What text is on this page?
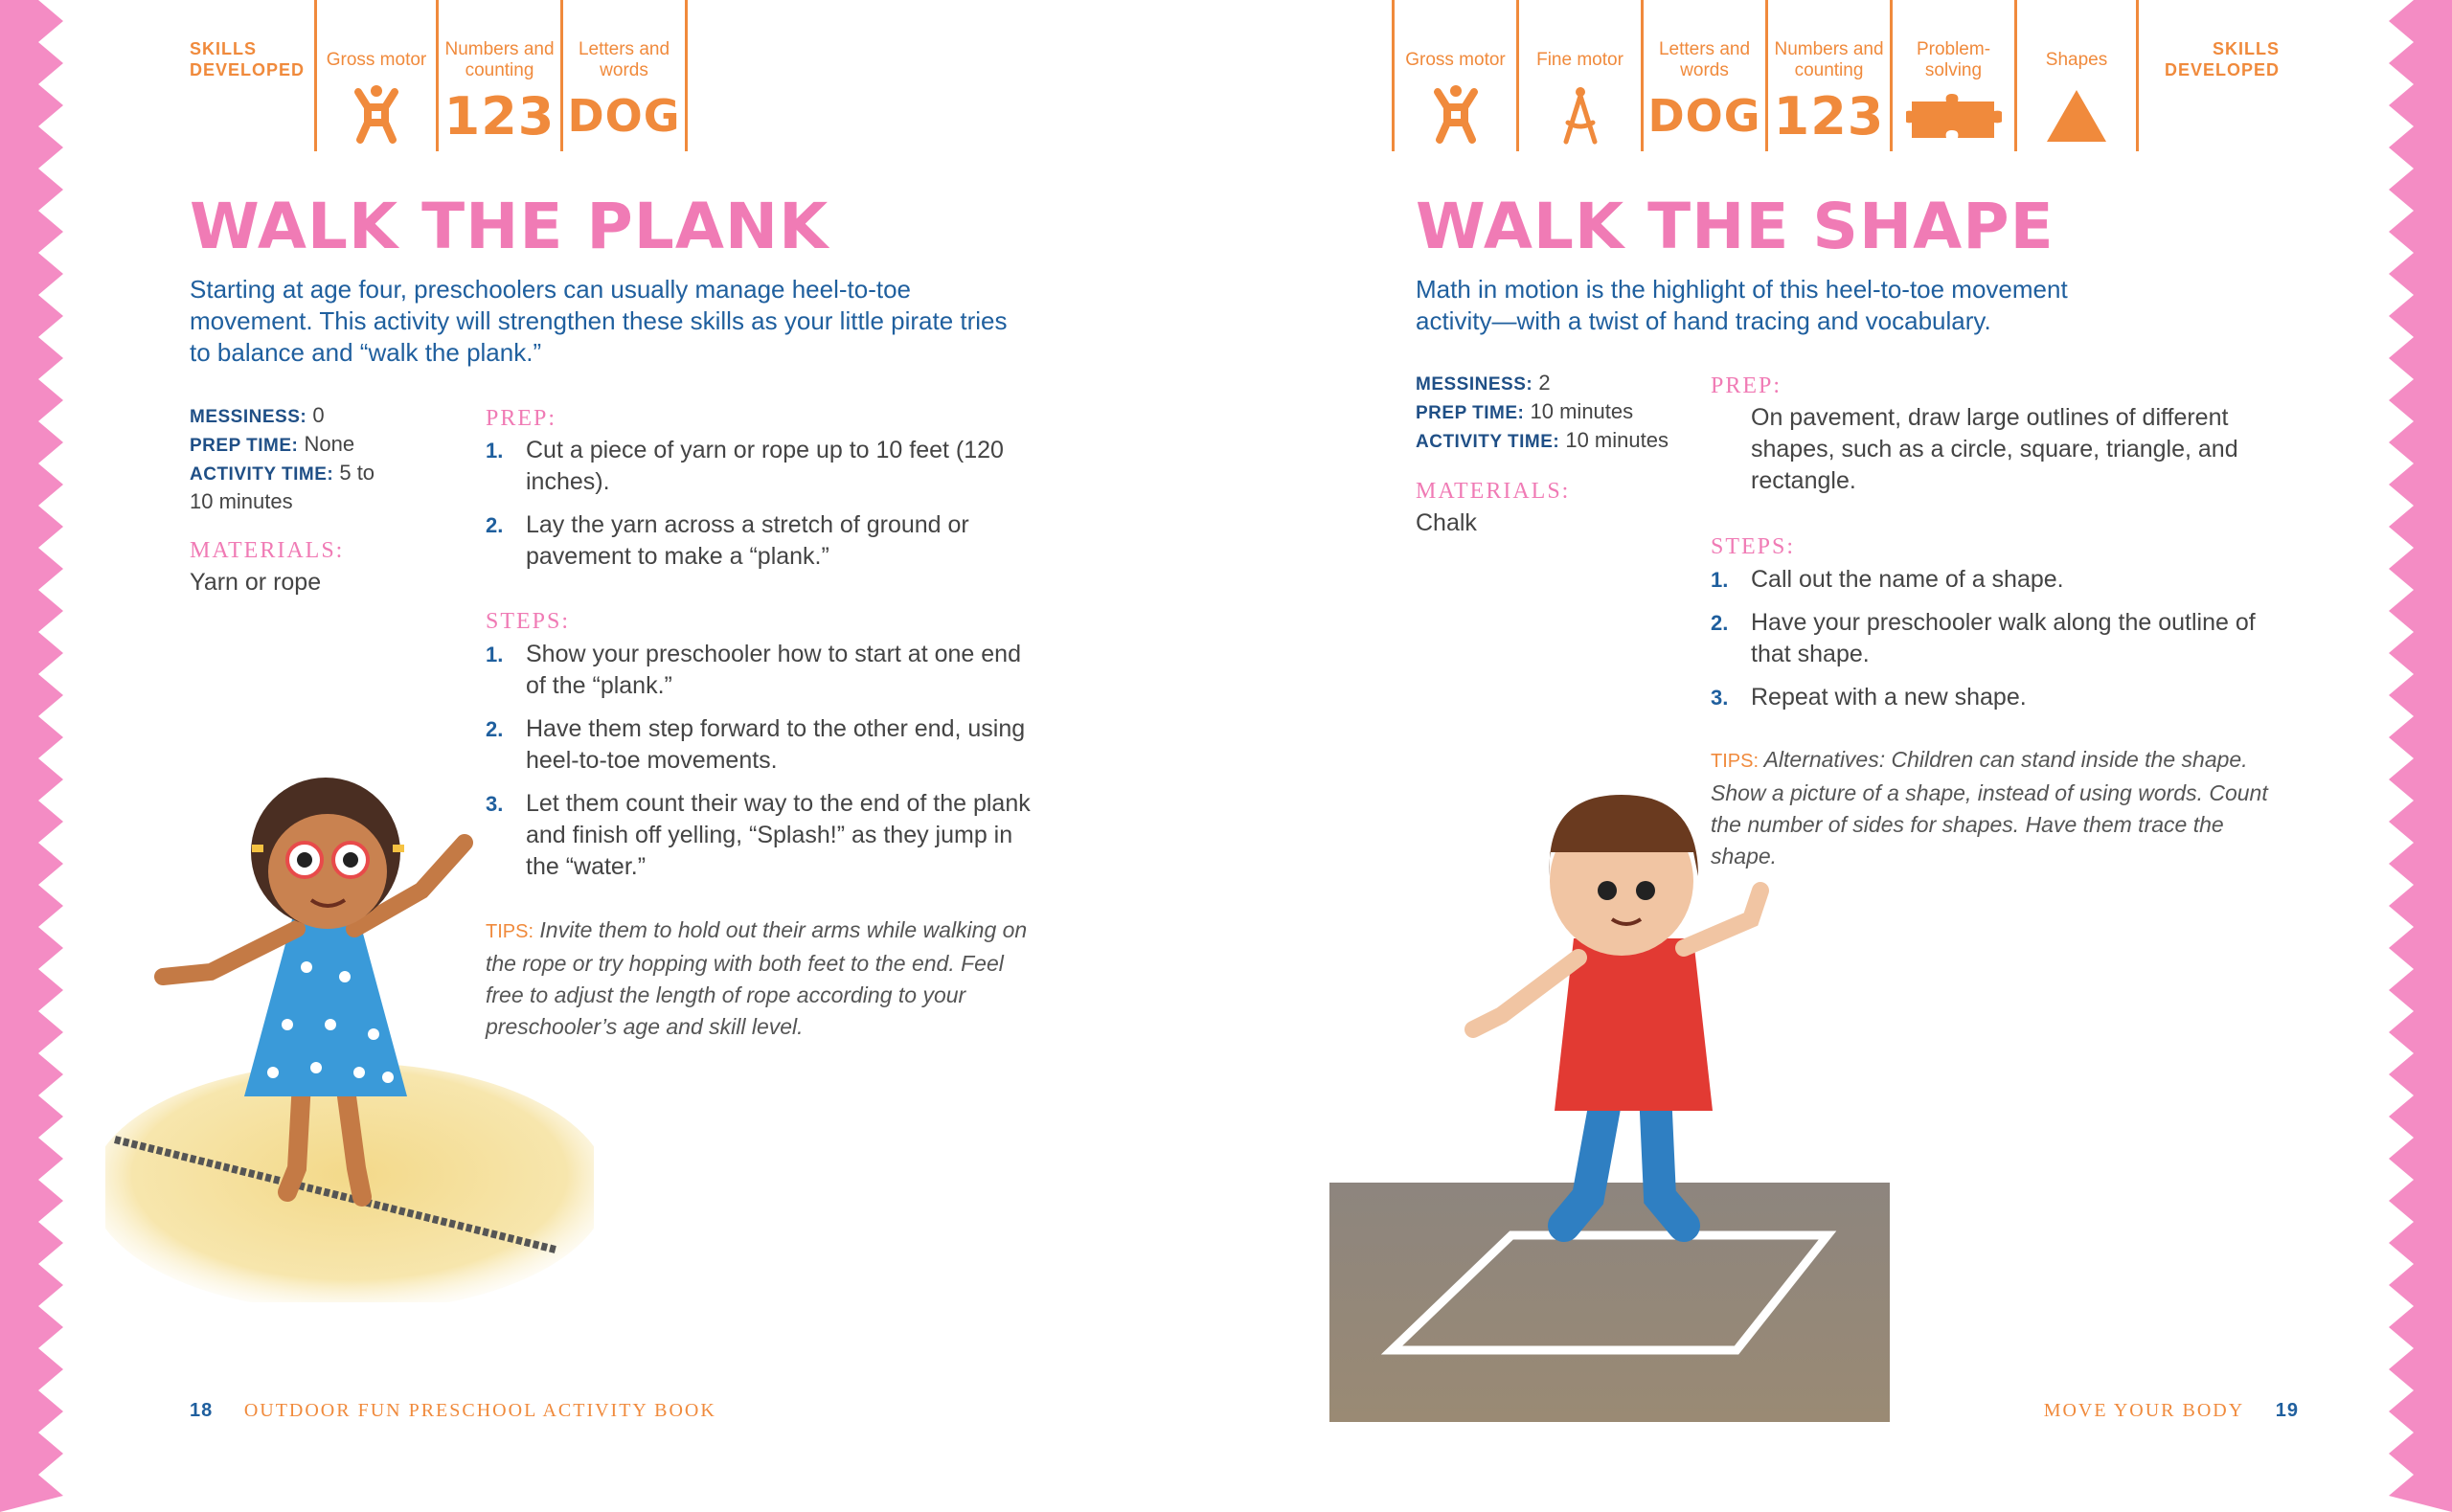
SKILLS DEVELOPED	Gross motor
Numbers and counting
123
Letters and words
DOG
WALK THE PLANK
Starting at age four, preschoolers can usually manage heel-to-toe movement. This activity will strengthen these skills as your little pirate tries to balance and “walk the plank.”
MESSINESS: 0
PREP TIME: None
ACTIVITY TIME: 5 to 10 minutes
MATERIALS:
Yarn or rope
PREP:
1. Cut a piece of yarn or rope up to 10 feet (120 inches).
2. Lay the yarn across a stretch of ground or pavement to make a “plank.”
STEPS:
1. Show your preschooler how to start at one end of the “plank.”
2. Have them step forward to the other end, using heel-to-toe movements.
3. Let them count their way to the end of the plank and finish off yelling, “Splash!” as they jump in the “water.”
TIPS: Invite them to hold out their arms while walking on the rope or try hopping with both feet to the end. Feel free to adjust the length of rope according to your preschooler’s age and skill level.
18 OUTDOOR FUN PRESCHOOL ACTIVITY BOOK
Gross motor Fine motor
Letters and words
DOG
Numbers and counting
123
Problem-solving
Shapes
SKILLS DEVELOPED
WALK THE SHAPE
Math in motion is the highlight of this heel-to-toe movement activity—with a twist of hand tracing and vocabulary.
MESSINESS: 2
PREP TIME: 10 minutes
ACTIVITY TIME: 10 minutes
MATERIALS:
Chalk
PREP:
On pavement, draw large outlines of different shapes, such as a circle, square, triangle, and rectangle.
STEPS:
1. Call out the name of a shape.
2. Have your preschooler walk along the outline of that shape.
3. Repeat with a new shape.
TIPS: Alternatives: Children can stand inside the shape. Show a picture of a shape, instead of using words. Count the number of sides for shapes. Have them trace the shape.
MOVE YOUR BODY 19
